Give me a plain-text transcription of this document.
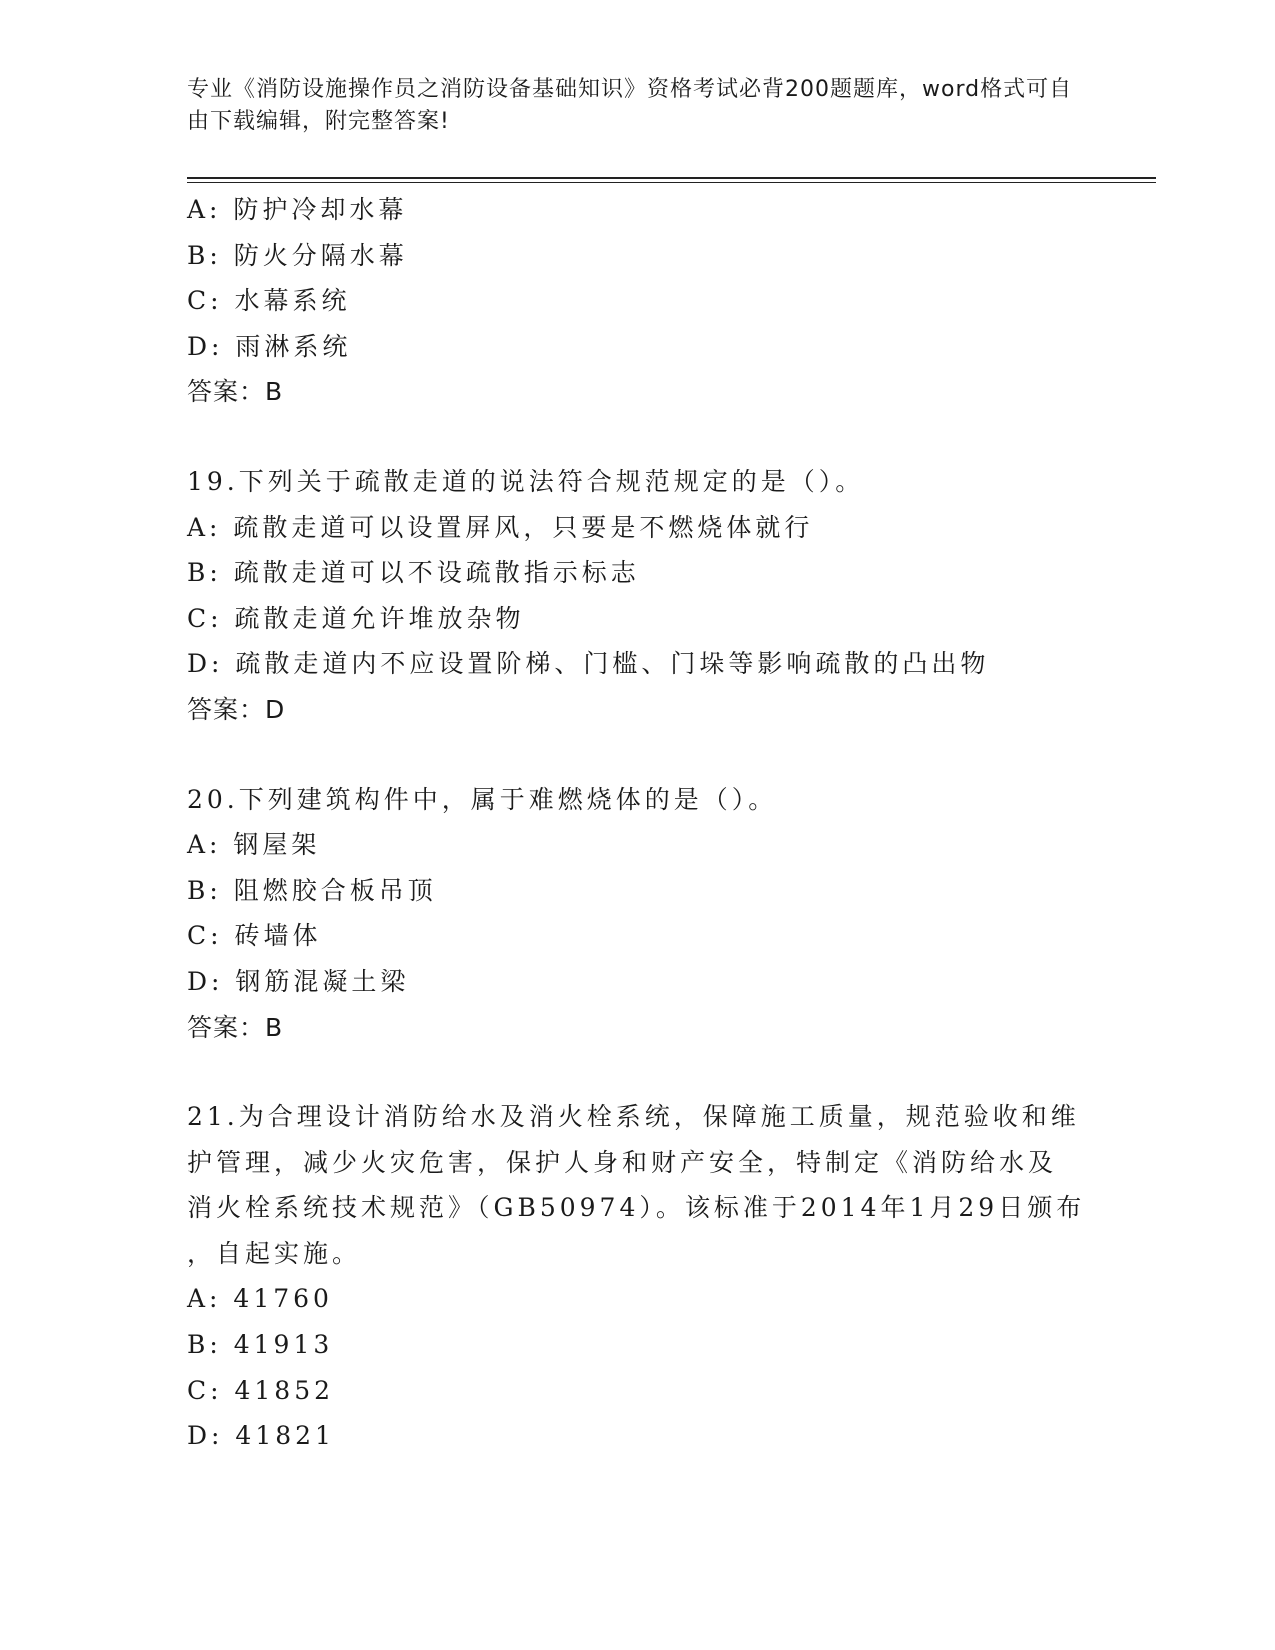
专业《消防设施操作员之消防设备基础知识》资格考试必背200题题库，word格式可自由下载编辑，附完整答案!
A: 防护冷却水幕
B: 防火分隔水幕
C: 水幕系统
D: 雨淋系统
答案：B
19.下列关于疏散走道的说法符合规范规定的是（）。
A: 疏散走道可以设置屏风，只要是不燃烧体就行
B: 疏散走道可以不设疏散指示标志
C: 疏散走道允许堆放杂物
D: 疏散走道内不应设置阶梯、门槛、门垛等影响疏散的凸出物
答案：D
20.下列建筑构件中，属于难燃烧体的是（）。
A: 钢屋架
B: 阻燃胶合板吊顶
C: 砖墙体
D: 钢筋混凝土梁
答案：B
21.为合理设计消防给水及消火栓系统，保障施工质量，规范验收和维
护管理，减少火灾危害，保护人身和财产安全，特制定《消防给水及
消火栓系统技术规范》（GB50974）。该标准于2014年1月29日颁布
，自起实施。
A: 41760
B: 41913
C: 41852
D: 41821
